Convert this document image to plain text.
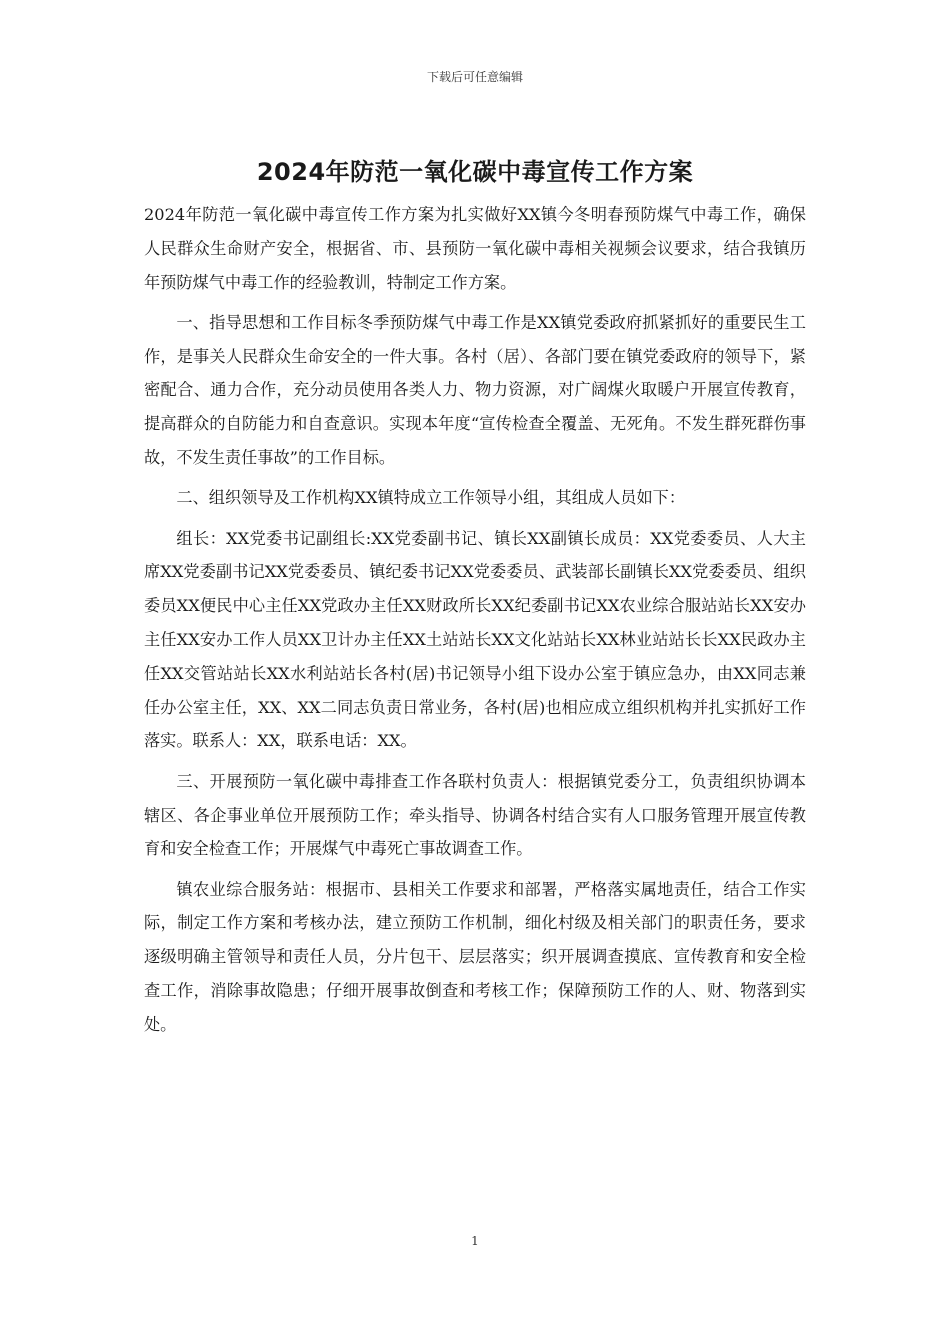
下载后可任意编辑
2024年防范一氧化碳中毒宣传工作方案

2024年防范一氧化碳中毒宣传工作方案为扎实做好XX镇今冬明春预防煤气中毒工作，确保人民群众生命财产安全，根据省、市、县预防一氧化碳中毒相关视频会议要求，结合我镇历年预防煤气中毒工作的经验教训，特制定工作方案。

一、指导思想和工作目标冬季预防煤气中毒工作是XX镇党委政府抓紧抓好的重要民生工作，是事关人民群众生命安全的一件大事。各村（居）、各部门要在镇党委政府的领导下，紧密配合、通力合作，充分动员使用各类人力、物力资源，对广阔煤火取暖户开展宣传教育，提高群众的自防能力和自查意识。实现本年度“宣传检查全覆盖、无死角。不发生群死群伤事故，不发生责任事故”的工作目标。

二、组织领导及工作机构XX镇特成立工作领导小组，其组成人员如下：

组长：XX党委书记副组长:XX党委副书记、镇长XX副镇长成员：XX党委委员、人大主席XX党委副书记XX党委委员、镇纪委书记XX党委委员、武装部长副镇长XX党委委员、组织委员XX便民中心主任XX党政办主任XX财政所长XX纪委副书记XX农业综合服站站长XX安办主任XX安办工作人员XX卫计办主任XX土站站长XX文化站站长XX林业站站长长XX民政办主任XX交管站站长XX水利站站长各村(居)书记领导小组下设办公室于镇应急办，由XX同志兼任办公室主任，XX、XX二同志负责日常业务，各村(居)也相应成立组织机构并扎实抓好工作落实。联系人：XX，联系电话：XX。

三、开展预防一氧化碳中毒排查工作各联村负责人：根据镇党委分工，负责组织协调本辖区、各企事业单位开展预防工作；牵头指导、协调各村结合实有人口服务管理开展宣传教育和安全检查工作；开展煤气中毒死亡事故调查工作。

镇农业综合服务站：根据市、县相关工作要求和部署，严格落实属地责任，结合工作实际，制定工作方案和考核办法，建立预防工作机制，细化村级及相关部门的职责任务，要求逐级明确主管领导和责任人员，分片包干、层层落实；织开展调查摸底、宣传教育和安全检查工作，消除事故隐患；仔细开展事故倒查和考核工作；保障预防工作的人、财、物落到实处。

1
